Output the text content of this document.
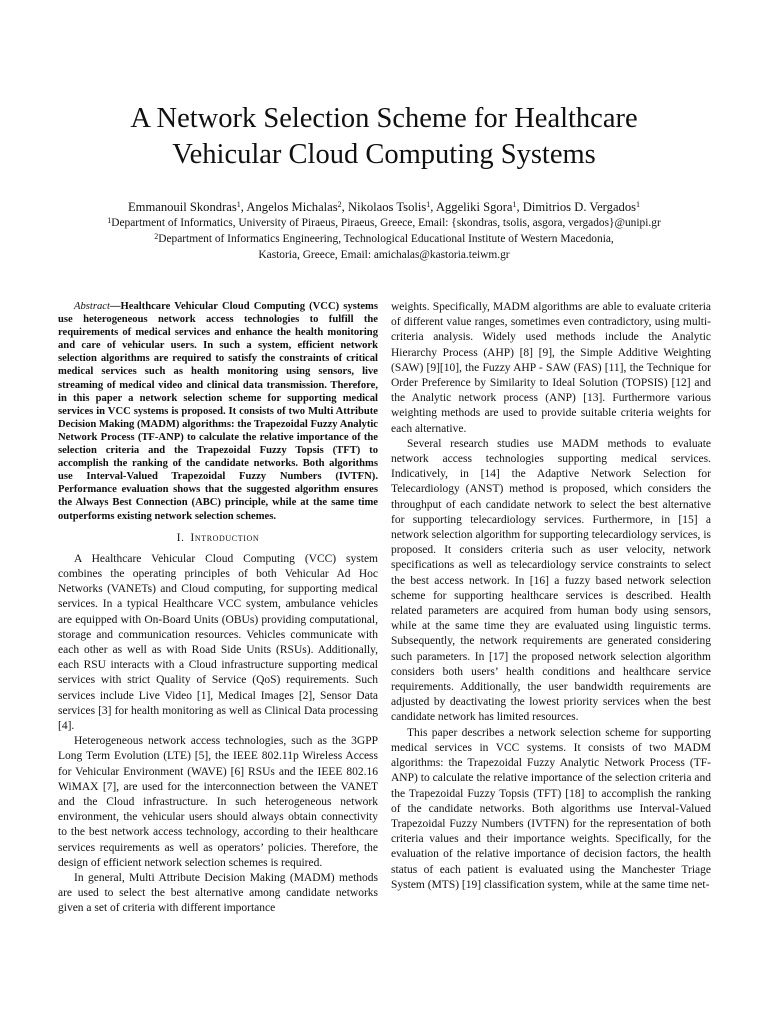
A Network Selection Scheme for Healthcare
Vehicular Cloud Computing Systems
Emmanouil Skondras$^1$, Angelos Michalas$^2$, Nikolaos Tsolis$^1$, Aggeliki Sgora$^1$, Dimitrios D. Vergados$^1$
$^1$Department of Informatics, University of Piraeus, Piraeus, Greece, Email: {skondras, tsolis, asgora, vergados}@unipi.gr
$^2$Department of Informatics Engineering, Technological Educational Institute of Western Macedonia,
Kastoria, Greece, Email: amichalas@kastoria.teiwm.gr

Abstract—Healthcare Vehicular Cloud Computing (VCC) systems use heterogeneous network access technologies to fulfill the requirements of medical services and enhance the health monitoring and care of vehicular users. In such a system, efficient network selection algorithms are required to satisfy the constraints of critical medical services such as health monitoring using sensors, live streaming of medical video and clinical data transmission. Therefore, in this paper a network selection scheme for supporting medical services in VCC systems is proposed. It consists of two Multi Attribute Decision Making (MADM) algorithms: the Trapezoidal Fuzzy Analytic Network Process (TF-ANP) to calculate the relative importance of the selection criteria and the Trapezoidal Fuzzy Topsis (TFT) to accomplish the ranking of the candidate networks. Both algorithms use Interval-Valued Trapezoidal Fuzzy Numbers (IVTFN). Performance evaluation shows that the suggested algorithm ensures the Always Best Connection (ABC) principle, while at the same time outperforms existing network selection schemes.

I. Introduction

A Healthcare Vehicular Cloud Computing (VCC) system combines the operating principles of both Vehicular Ad Hoc Networks (VANETs) and Cloud computing, for supporting medical services. In a typical Healthcare VCC system, ambulance vehicles are equipped with On-Board Units (OBUs) providing computational, storage and communication resources. Vehicles communicate with each other as well as with Road Side Units (RSUs). Additionally, each RSU interacts with a Cloud infrastructure supporting medical services with strict Quality of Service (QoS) requirements. Such services include Live Video [1], Medical Images [2], Sensor Data services [3] for health monitoring as well as Clinical Data processing [4].

Heterogeneous network access technologies, such as the 3GPP Long Term Evolution (LTE) [5], the IEEE 802.11p Wireless Access for Vehicular Environment (WAVE) [6] RSUs and the IEEE 802.16 WiMAX [7], are used for the interconnection between the VANET and the Cloud infrastructure. In such heterogeneous network environment, the vehicular users should always obtain connectivity to the best network access technology, according to their healthcare services requirements as well as operators’ policies. Therefore, the design of efficient network selection schemes is required.

In general, Multi Attribute Decision Making (MADM) methods are used to select the best alternative among candidate networks given a set of criteria with different importance

weights. Specifically, MADM algorithms are able to evaluate criteria of different value ranges, sometimes even contradictory, using multi-criteria analysis. Widely used methods include the Analytic Hierarchy Process (AHP) [8] [9], the Simple Additive Weighting (SAW) [9][10], the Fuzzy AHP - SAW (FAS) [11], the Technique for Order Preference by Similarity to Ideal Solution (TOPSIS) [12] and the Analytic network process (ANP) [13]. Furthermore various weighting methods are used to provide suitable criteria weights for each alternative.

Several research studies use MADM methods to evaluate network access technologies supporting medical services. Indicatively, in [14] the Adaptive Network Selection for Telecardiology (ANST) method is proposed, which considers the throughput of each candidate network to select the best alternative for supporting telecardiology services. Furthermore, in [15] a network selection algorithm for supporting telecardiology services, is proposed. It considers criteria such as user velocity, network specifications as well as telecardiology service constraints to select the best access network. In [16] a fuzzy based network selection scheme for supporting healthcare services is described. Health related parameters are acquired from human body using sensors, while at the same time they are evaluated using linguistic terms. Subsequently, the network requirements are generated considering such parameters. In [17] the proposed network selection algorithm considers both users’ health conditions and healthcare service requirements. Additionally, the user bandwidth requirements are adjusted by deactivating the lowest priority services when the best candidate network has limited resources.

This paper describes a network selection scheme for supporting medical services in VCC systems. It consists of two MADM algorithms: the Trapezoidal Fuzzy Analytic Network Process (TF-ANP) to calculate the relative importance of the selection criteria and the Trapezoidal Fuzzy Topsis (TFT) [18] to accomplish the ranking of the candidate networks. Both algorithms use Interval-Valued Trapezoidal Fuzzy Numbers (IVTFN) for the representation of both criteria values and their importance weights. Specifically, for the evaluation of the relative importance of decision factors, the health status of each patient is evaluated using the Manchester Triage System (MTS) [19] classification system, while at the same time net-
